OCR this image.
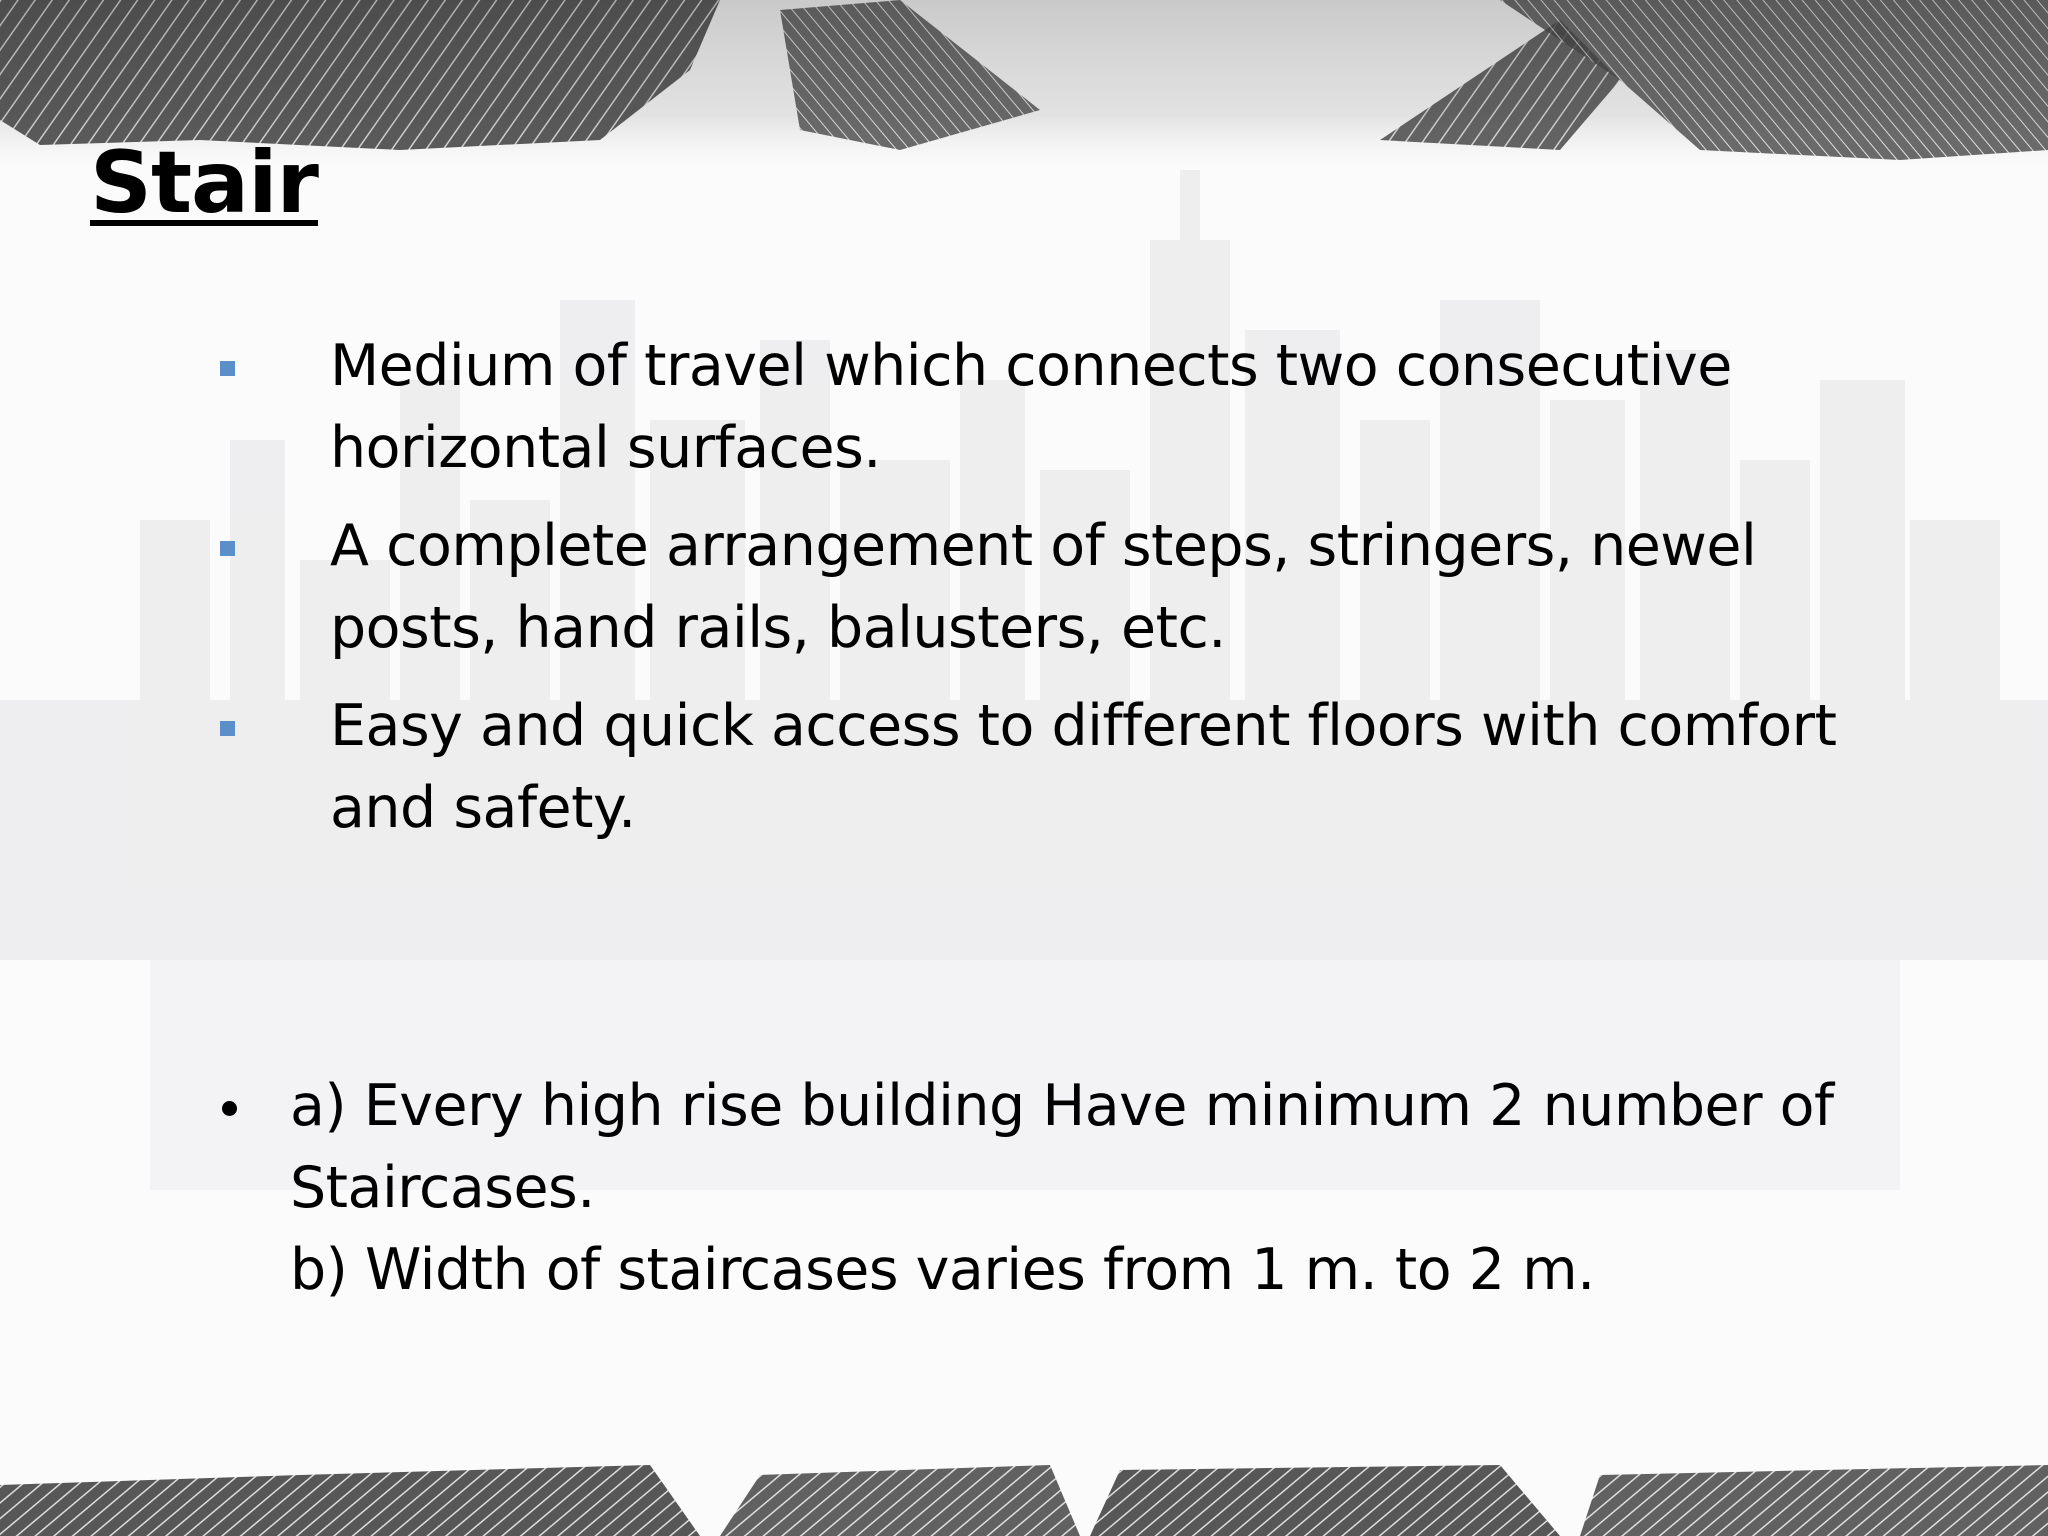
Stair
Medium of travel which connects two consecutive
horizontal surfaces.
A complete arrangement of steps, stringers, newel
posts, hand rails, balusters, etc.
Easy and quick access to different floors with comfort
and safety.
a) Every high rise building Have minimum 2 number of
Staircases.
b) Width of staircases varies from 1 m. to 2 m.
